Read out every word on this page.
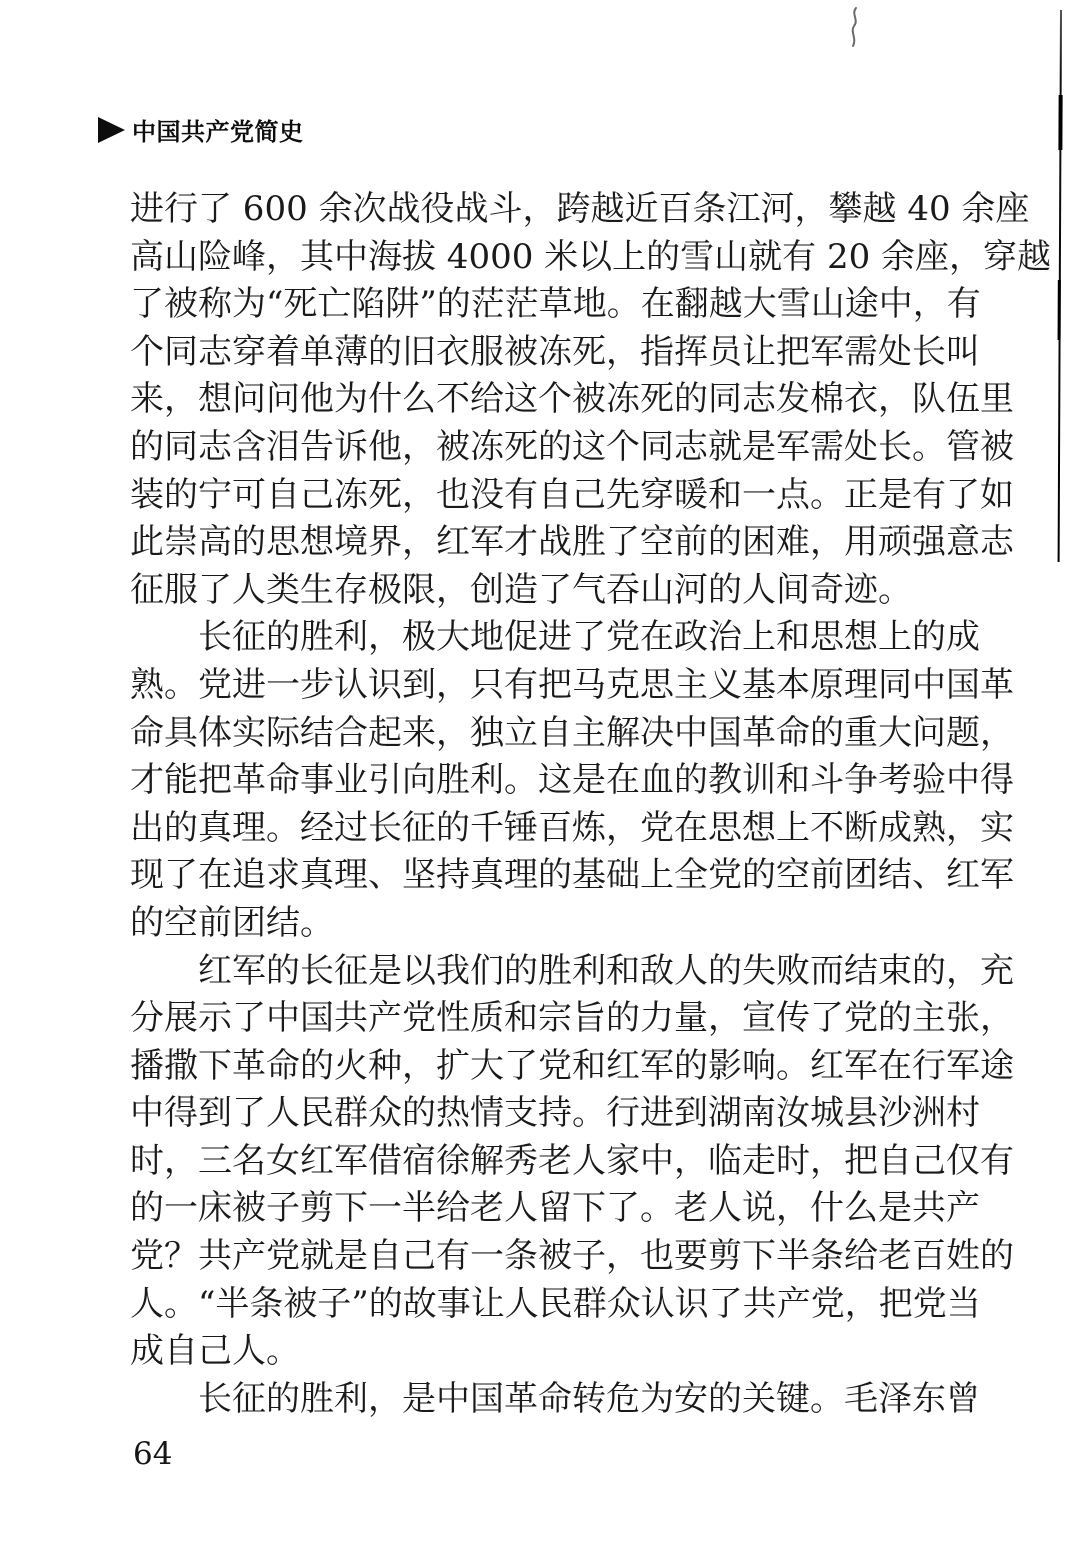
中国共产党简史
进行了 600 余次战役战斗，跨越近百条江河，攀越 40 余座
高山险峰，其中海拔 4000 米以上的雪山就有 20 余座，穿越
了被称为“死亡陷阱”的茫茫草地。在翻越大雪山途中，有
个同志穿着单薄的旧衣服被冻死，指挥员让把军需处长叫
来，想问问他为什么不给这个被冻死的同志发棉衣，队伍里
的同志含泪告诉他，被冻死的这个同志就是军需处长。管被
装的宁可自己冻死，也没有自己先穿暖和一点。正是有了如
此崇高的思想境界，红军才战胜了空前的困难，用顽强意志
征服了人类生存极限，创造了气吞山河的人间奇迹。
　　长征的胜利，极大地促进了党在政治上和思想上的成
熟。党进一步认识到，只有把马克思主义基本原理同中国革
命具体实际结合起来，独立自主解决中国革命的重大问题，
才能把革命事业引向胜利。这是在血的教训和斗争考验中得
出的真理。经过长征的千锤百炼，党在思想上不断成熟，实
现了在追求真理、坚持真理的基础上全党的空前团结、红军
的空前团结。
　　红军的长征是以我们的胜利和敌人的失败而结束的，充
分展示了中国共产党性质和宗旨的力量，宣传了党的主张，
播撒下革命的火种，扩大了党和红军的影响。红军在行军途
中得到了人民群众的热情支持。行进到湖南汝城县沙洲村
时，三名女红军借宿徐解秀老人家中，临走时，把自己仅有
的一床被子剪下一半给老人留下了。老人说，什么是共产
党？共产党就是自己有一条被子，也要剪下半条给老百姓的
人。“半条被子”的故事让人民群众认识了共产党，把党当
成自己人。
　　长征的胜利，是中国革命转危为安的关键。毛泽东曾
64
